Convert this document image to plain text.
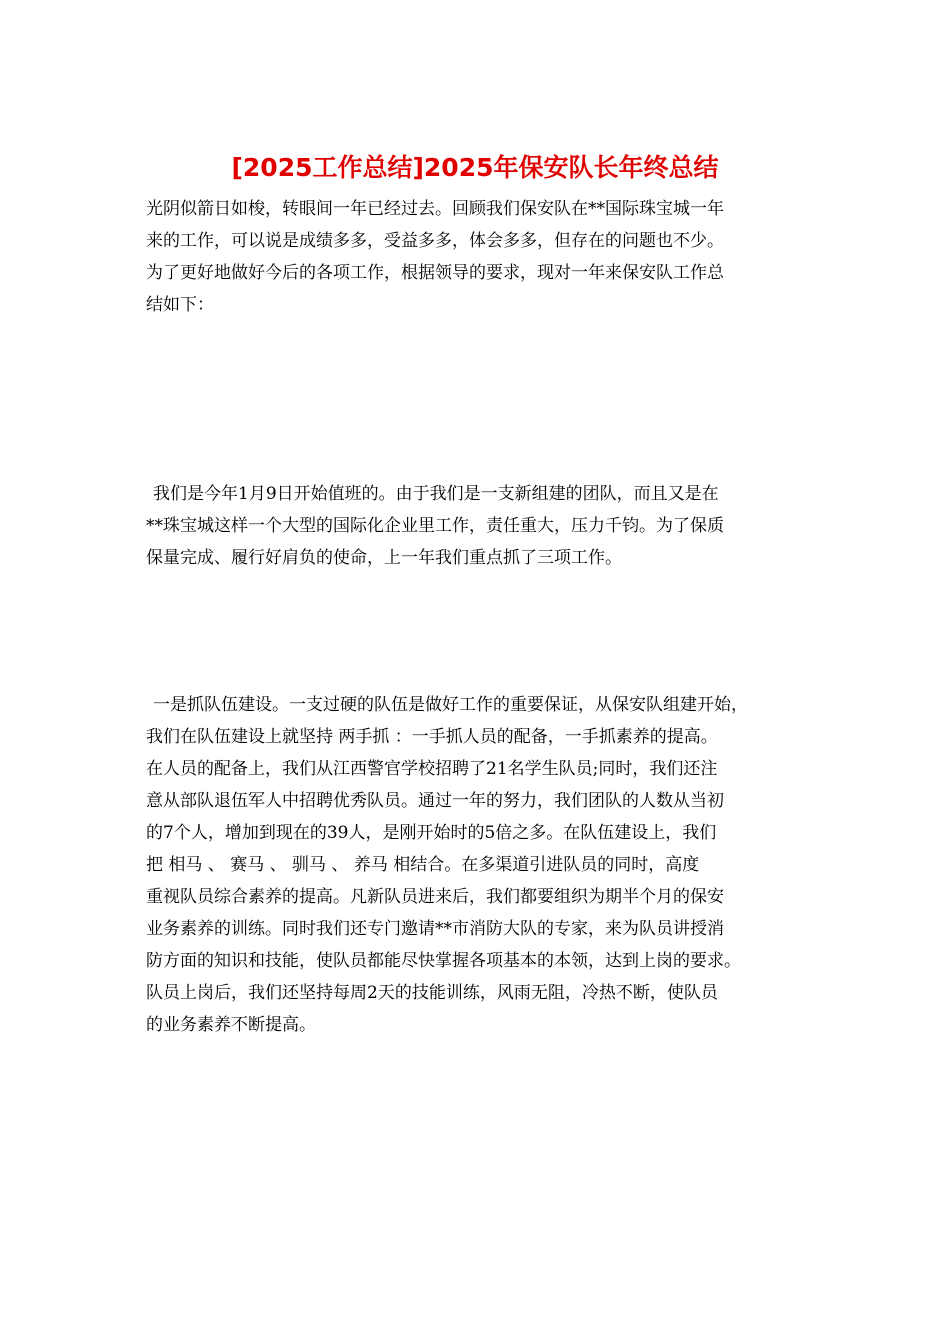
[2025工作总结]2025年保安队长年终总结
光阴似箭日如梭，转眼间一年已经过去。回顾我们保安队在**国际珠宝城一年
来的工作，可以说是成绩多多，受益多多，体会多多，但存在的问题也不少。
为了更好地做好今后的各项工作，根据领导的要求，现对一年来保安队工作总
结如下：
我们是今年1月9日开始值班的。由于我们是一支新组建的团队，而且又是在
**珠宝城这样一个大型的国际化企业里工作，责任重大，压力千钧。为了保质
保量完成、履行好肩负的使命，上一年我们重点抓了三项工作。
一是抓队伍建设。一支过硬的队伍是做好工作的重要保证，从保安队组建开始，
我们在队伍建设上就坚持 两手抓 ：一手抓人员的配备，一手抓素养的提高。
在人员的配备上，我们从江西警官学校招聘了21名学生队员;同时，我们还注
意从部队退伍军人中招聘优秀队员。通过一年的努力，我们团队的人数从当初
的7个人，增加到现在的39人，是刚开始时的5倍之多。在队伍建设上，我们
把 相马 、 赛马 、 驯马 、 养马 相结合。在多渠道引进队员的同时，高度
重视队员综合素养的提高。凡新队员进来后，我们都要组织为期半个月的保安
业务素养的训练。同时我们还专门邀请**市消防大队的专家，来为队员讲授消
防方面的知识和技能，使队员都能尽快掌握各项基本的本领，达到上岗的要求。
队员上岗后，我们还坚持每周2天的技能训练，风雨无阻，冷热不断，使队员
的业务素养不断提高。
